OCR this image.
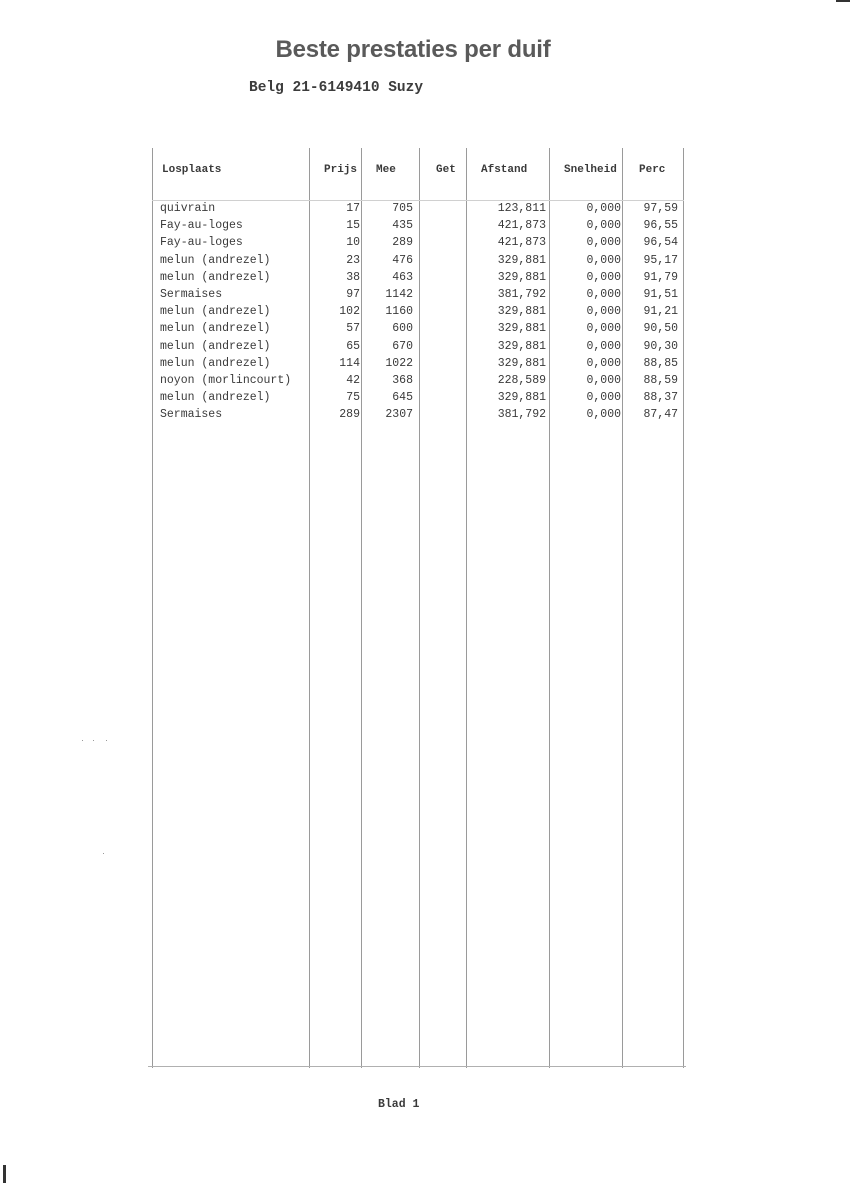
Beste prestaties per duif
Belg 21-6149410 Suzy
Losplaats	Prijs Mee	Get Afstand	Snelheid Perc
quivrain	17	705	123,811	0,000 97,59
Fay-au-loges	15	435	421,873	0,000 96,55
Fay-au-loges	10	289	421,873	0,000 96,54
melun (andrezel)	23	476	329,881	0,000 95,17
melun (andrezel)	38	463	329,881	0,000 91,79
Sermaises	97 1142	381,792	0,000 91,51
melun (andrezel)	102 1160	329,881	0,000 91,21
melun (andrezel)	57	600	329,881	0,000 90,50
melun (andrezel)	65	670	329,881	0,000 90,30
melun (andrezel)	114 1022	329,881	0,000 88,85
noyon (morlincourt)	42	368	228,589	0,000 88,59
melun (andrezel)	75	645	329,881	0,000 88,37
Sermaises	289 2307	381,792	0,000 87,47
Blad 1
